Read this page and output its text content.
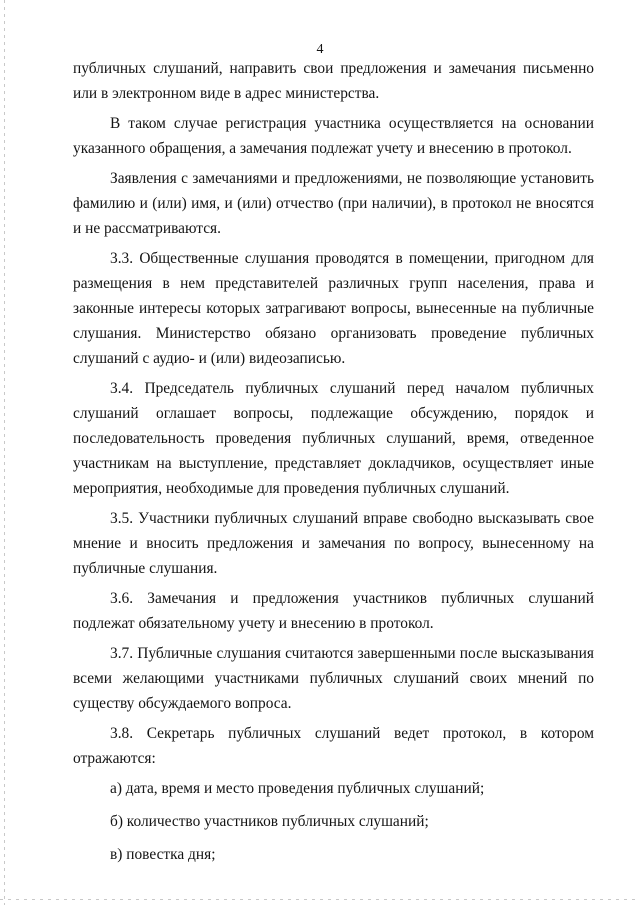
4

публичных слушаний, направить свои предложения и замечания письменно или в электронном виде в адрес министерства.

В таком случае регистрация участника осуществляется на основании указанного обращения, а замечания подлежат учету и внесению в протокол.

Заявления с замечаниями и предложениями, не позволяющие установить фамилию и (или) имя, и (или) отчество (при наличии), в протокол не вносятся и не рассматриваются.

3.3. Общественные слушания проводятся в помещении, пригодном для размещения в нем представителей различных групп населения, права и законные интересы которых затрагивают вопросы, вынесенные на публичные слушания. Министерство обязано организовать проведение публичных слушаний с аудио- и (или) видеозаписью.

3.4. Председатель публичных слушаний перед началом публичных слушаний оглашает вопросы, подлежащие обсуждению, порядок и последовательность проведения публичных слушаний, время, отведенное участникам на выступление, представляет докладчиков, осуществляет иные мероприятия, необходимые для проведения публичных слушаний.

3.5. Участники публичных слушаний вправе свободно высказывать свое мнение и вносить предложения и замечания по вопросу, вынесенному на публичные слушания.

3.6. Замечания и предложения участников публичных слушаний подлежат обязательному учету и внесению в протокол.

3.7. Публичные слушания считаются завершенными после высказывания всеми желающими участниками публичных слушаний своих мнений по существу обсуждаемого вопроса.

3.8. Секретарь публичных слушаний ведет протокол, в котором отражаются:

а) дата, время и место проведения публичных слушаний;

б) количество участников публичных слушаний;

в) повестка дня;
